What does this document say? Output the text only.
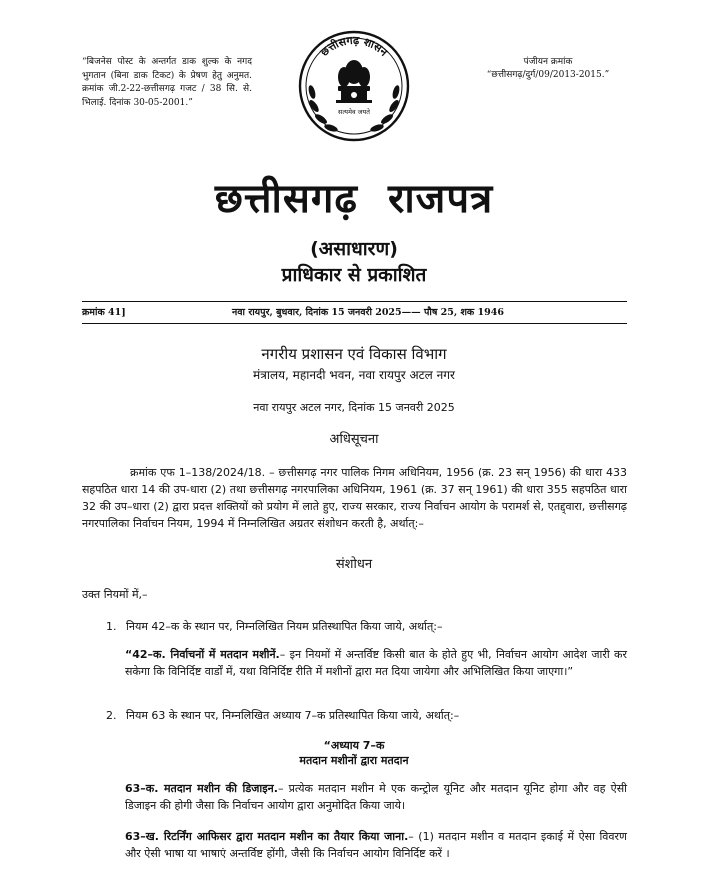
“बिजनेस पोस्ट के अन्तर्गत डाक शुल्क के नगद भुगतान (बिना डाक टिकट) के प्रेषण हेतु अनुमत. क्रमांक जी.2-22-छत्तीसगढ़ गजट / 38 सि. से. भिलाई. दिनांक 30-05-2001.”
पंजीयन क्रमांक
“छत्तीसगढ़/दुर्ग/09/2013-2015.”
छत्तीसगढ़ शासन
सत्यमेव जयते
छत्तीसगढ़ राजपत्र
(असाधारण)
प्राधिकार से प्रकाशित
क्रमांक 41]	नवा रायपुर, बुधवार, दिनांक 15 जनवरी 2025—— पौष 25, शक 1946
नगरीय प्रशासन एवं विकास विभाग
मंत्रालय, महानदी भवन, नवा रायपुर अटल नगर
नवा रायपुर अटल नगर, दिनांक 15 जनवरी 2025
अधिसूचना
क्रमांक एफ 1–138/2024/18. – छत्तीसगढ़ नगर पालिक निगम अधिनियम, 1956 (क्र. 23 सन् 1956) की धारा 433 सहपठित धारा 14 की उप-धारा (2) तथा छत्तीसगढ़ नगरपालिका अधिनियम, 1961 (क्र. 37 सन् 1961) की धारा 355 सहपठित धारा 32 की उप–धारा (2) द्वारा प्रदत्त शक्तियों को प्रयोग में लाते हुए, राज्य सरकार, राज्य निर्वाचन आयोग के परामर्श से, एतद्द्वारा, छत्तीसगढ़ नगरपालिका निर्वाचन नियम, 1994 में निम्नलिखित अग्रतर संशोधन करती है, अर्थात्:–
संशोधन
उक्त नियमों में,–
1. नियम 42–क के स्थान पर, निम्नलिखित नियम प्रतिस्थापित किया जाये, अर्थात्:–
“42–क. निर्वाचनों में मतदान मशीनें.– इन नियमों में अन्तर्विष्ट किसी बात के होते हुए भी, निर्वाचन आयोग आदेश जारी कर सकेगा कि विनिर्दिष्ट वार्डों में, यथा विनिर्दिष्ट रीति में मशीनों द्वारा मत दिया जायेगा और अभिलिखित किया जाएगा।”
2. नियम 63 के स्थान पर, निम्नलिखित अध्याय 7–क प्रतिस्थापित किया जाये, अर्थात्:–
“अध्याय 7–क
मतदान मशीनों द्वारा मतदान
63–क. मतदान मशीन की डिजाइन.– प्रत्येक मतदान मशीन मे एक कन्ट्रोल यूनिट और मतदान यूनिट होगा और वह ऐसी डिजाइन की होगी जैसा कि निर्वाचन आयोग द्वारा अनुमोदित किया जाये।
63–ख. रिटर्निंग आफिसर द्वारा मतदान मशीन का तैयार किया जाना.– (1) मतदान मशीन व मतदान इकाई में ऐसा विवरण और ऐसी भाषा या भाषाएं अन्तर्विष्ट होंगी, जैसी कि निर्वाचन आयोग विनिर्दिष्ट करें ।
